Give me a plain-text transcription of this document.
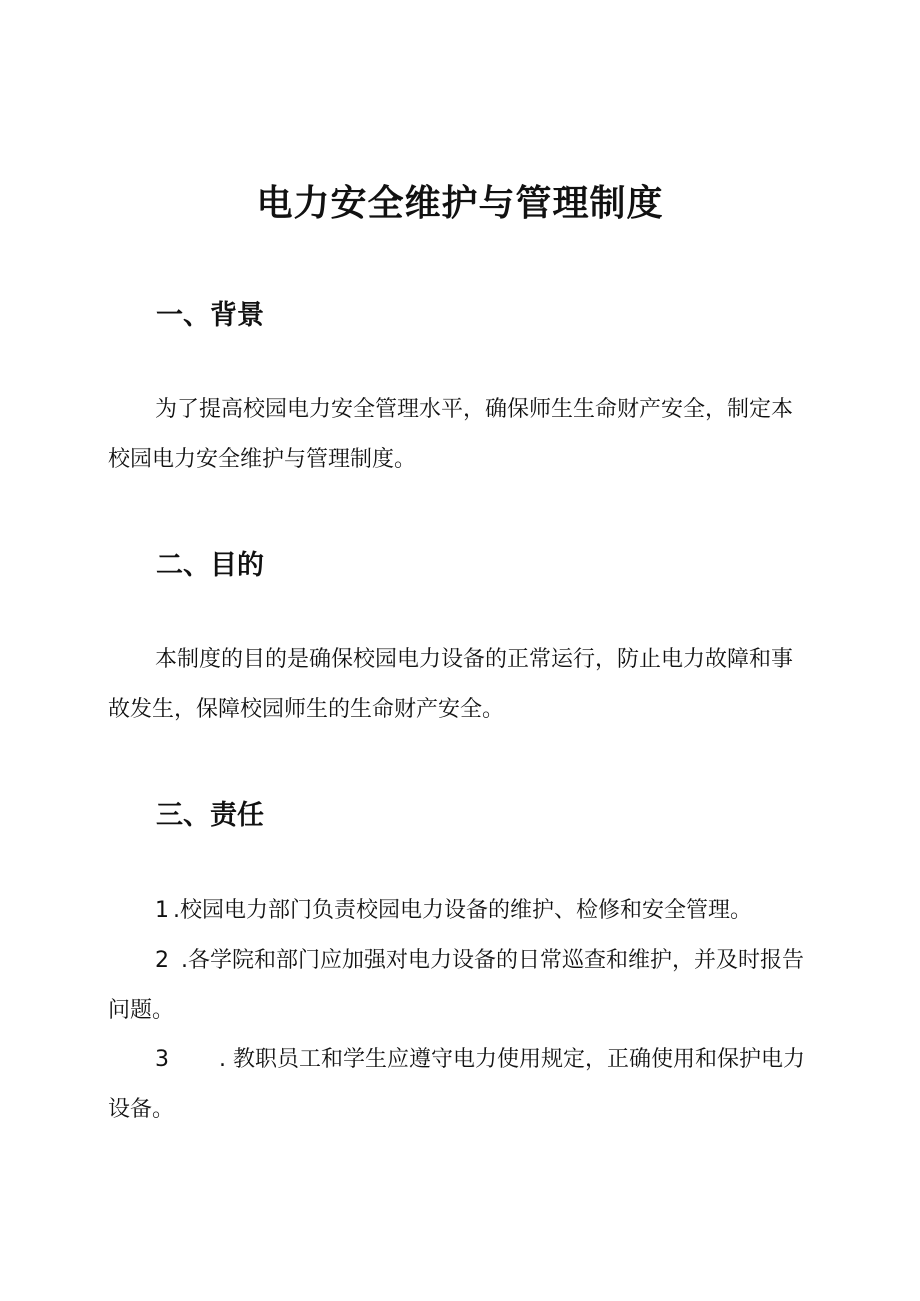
电力安全维护与管理制度
一、背景

为了提高校园电力安全管理水平，确保师生生命财产安全，制定本校园电力安全维护与管理制度。

二、目的

本制度的目的是确保校园电力设备的正常运行，防止电力故障和事故发生，保障校园师生的生命财产安全。

三、责任

1 .校园电力部门负责校园电力设备的维护、检修和安全管理。

2 .各学院和部门应加强对电力设备的日常巡查和维护，并及时报告问题。

3 . 教职员工和学生应遵守电力使用规定，正确使用和保护电力设备。
